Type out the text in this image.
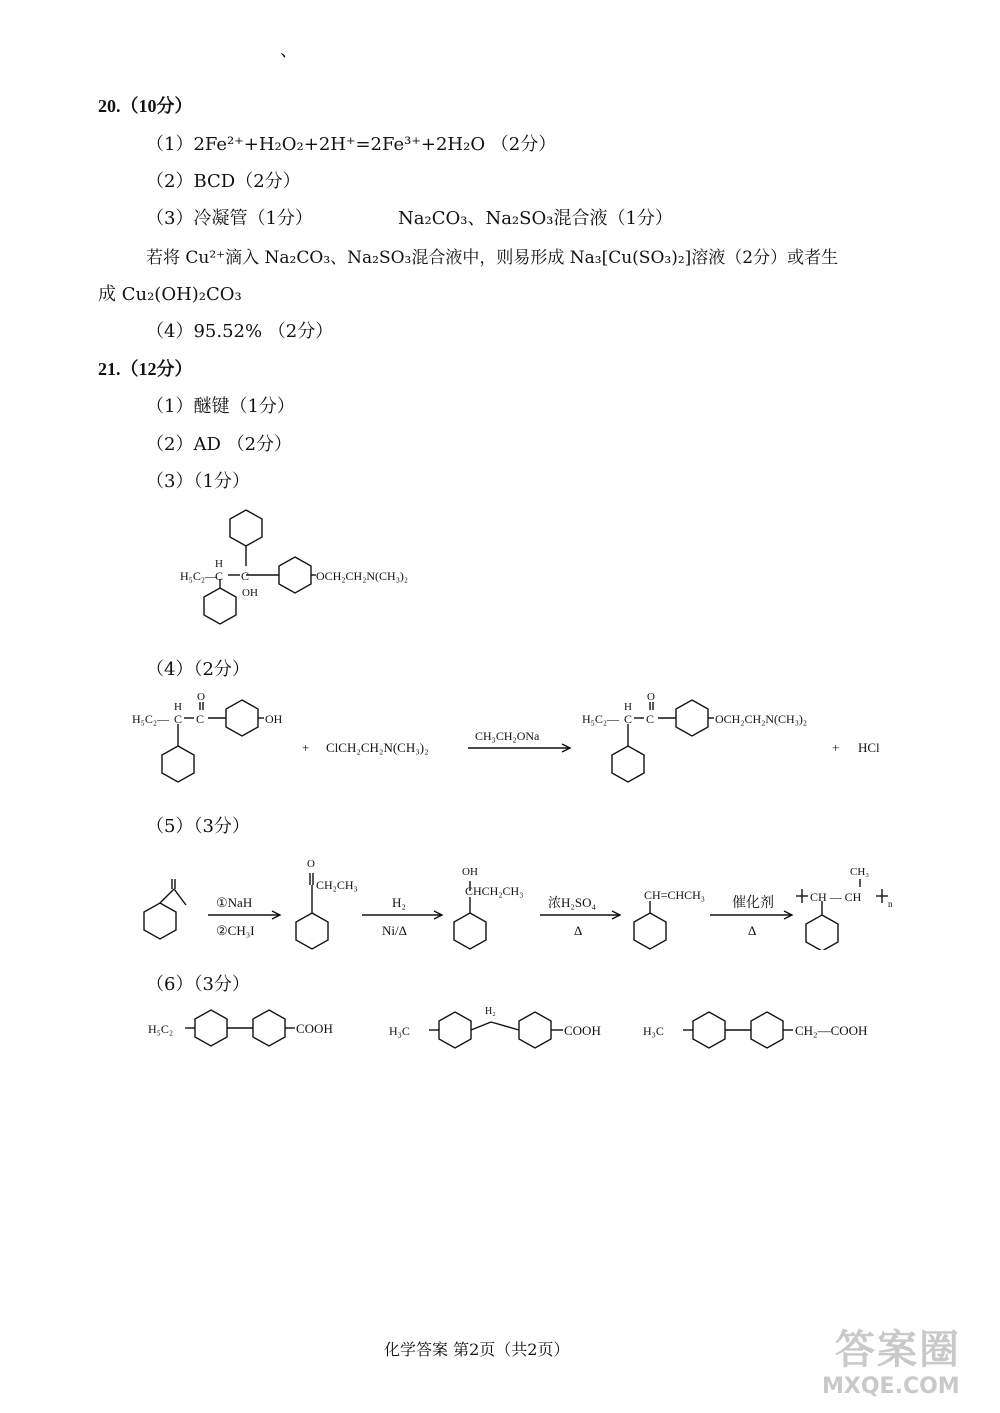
、
20.（10分）
（1）2Fe²⁺+H₂O₂+2H⁺=2Fe³⁺+2H₂O （2分）
（2）BCD（2分）
（3）冷凝管（1分）	Na₂CO₃、Na₂SO₃混合液（1分）
若将 Cu²⁺滴入 Na₂CO₃、Na₂SO₃混合液中，则易形成 Na₃[Cu(SO₃)₂]溶液（2分）或者生
成 Cu₂(OH)₂CO₃
（4）95.52% （2分）
21.（12分）
（1）醚键（1分）
（2）AD （2分）
（3）（1分）
H₅C₂—
H
C C
OH
OCH₂CH₂N(CH₃)₂
（4）（2分）
H₅C₂—
H
C
O
C	OH
+ ClCH₂CH₂N(CH₃)₂
CH₃CH₂ONa
H₅C₂—
H
C
O
C	OCH₂CH₂N(CH₃)₂
+ HCl
（5）（3分）
①NaH
②CH₃I
O
CH₂CH₃
H₂
Ni/Δ
OH
CHCH₂CH₃
浓H₂SO₄
Δ
CH=CHCH₃
催化剂
Δ
CH₃
CH — CH	n
（6）（3分）
H₅C₂	COOH	H₃C
H₂
COOH	H₃C	CH₂—COOH
化学答案 第2页（共2页）	答案圈
MXQE.COM
